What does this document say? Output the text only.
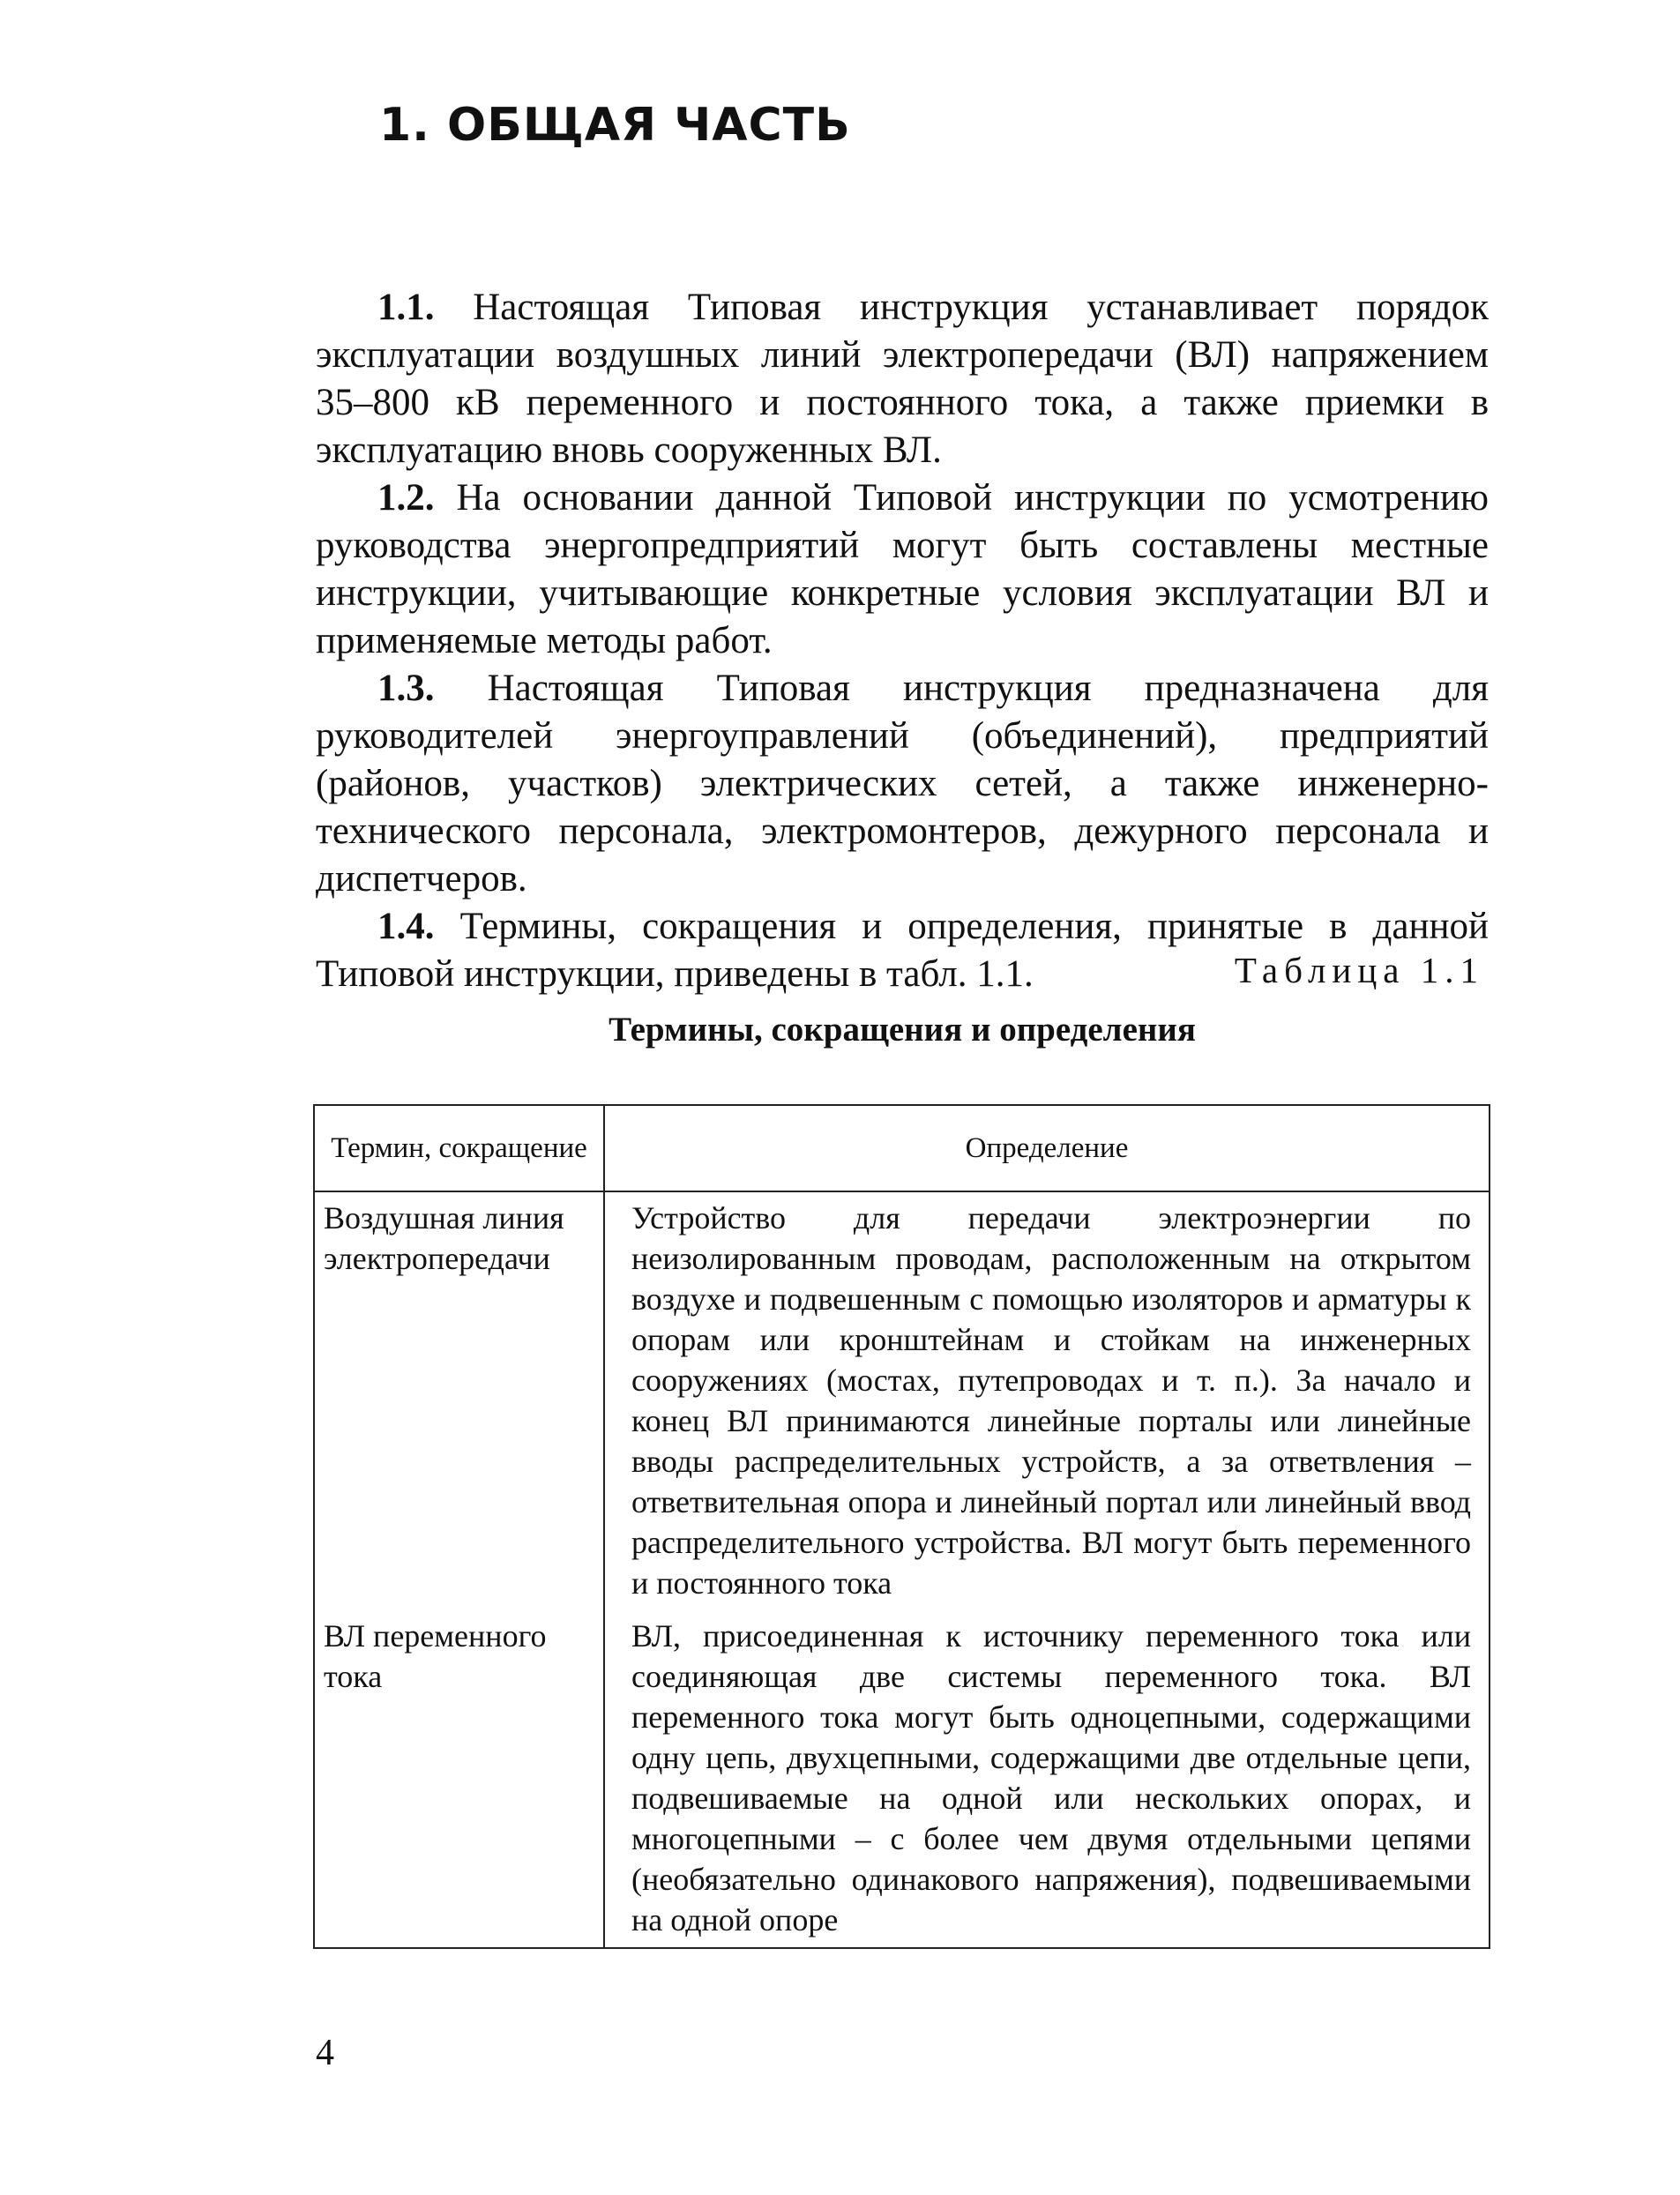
1. ОБЩАЯ ЧАСТЬ

1.1. Настоящая Типовая инструкция устанавливает порядок эксплуатации воздушных линий электропередачи (ВЛ) напряжением 35–800 кВ переменного и постоянного тока, а также приемки в эксплуатацию вновь сооруженных ВЛ.

1.2. На основании данной Типовой инструкции по усмотрению руководства энергопредприятий могут быть составлены местные инструкции, учитывающие конкретные условия эксплуатации ВЛ и применяемые методы работ.

1.3. Настоящая Типовая инструкция предназначена для руководителей энергоуправлений (объединений), предприятий (районов, участков) электрических сетей, а также инженерно-технического персонала, электромонтеров, дежурного персонала и диспетчеров.

1.4. Термины, сокращения и определения, принятые в данной Типовой инструкции, приведены в табл. 1.1.	Таблица 1.1
Термины, сокращения и определения
Термин, сокращение	Определение
Воздушная линия электропередачи	Устройство для передачи электроэнергии по неизолированным проводам, расположенным на открытом воздухе и подвешенным с помощью изоляторов и арматуры к опорам или кронштейнам и стойкам на инженерных сооружениях (мостах, путепроводах и т. п.). За начало и конец ВЛ принимаются линейные порталы или линейные вводы распределительных устройств, а за ответвления – ответвительная опора и линейный портал или линейный ввод распределительного устройства. ВЛ могут быть переменного и постоянного тока
ВЛ переменного тока	ВЛ, присоединенная к источнику переменного тока или соединяющая две системы переменного тока. ВЛ переменного тока могут быть одноцепными, содержащими одну цепь, двухцепными, содержащими две отдельные цепи, подвешиваемые на одной или нескольких опорах, и многоцепными – с более чем двумя отдельными цепями (необязательно одинакового напряжения), подвешиваемыми на одной опоре
4
